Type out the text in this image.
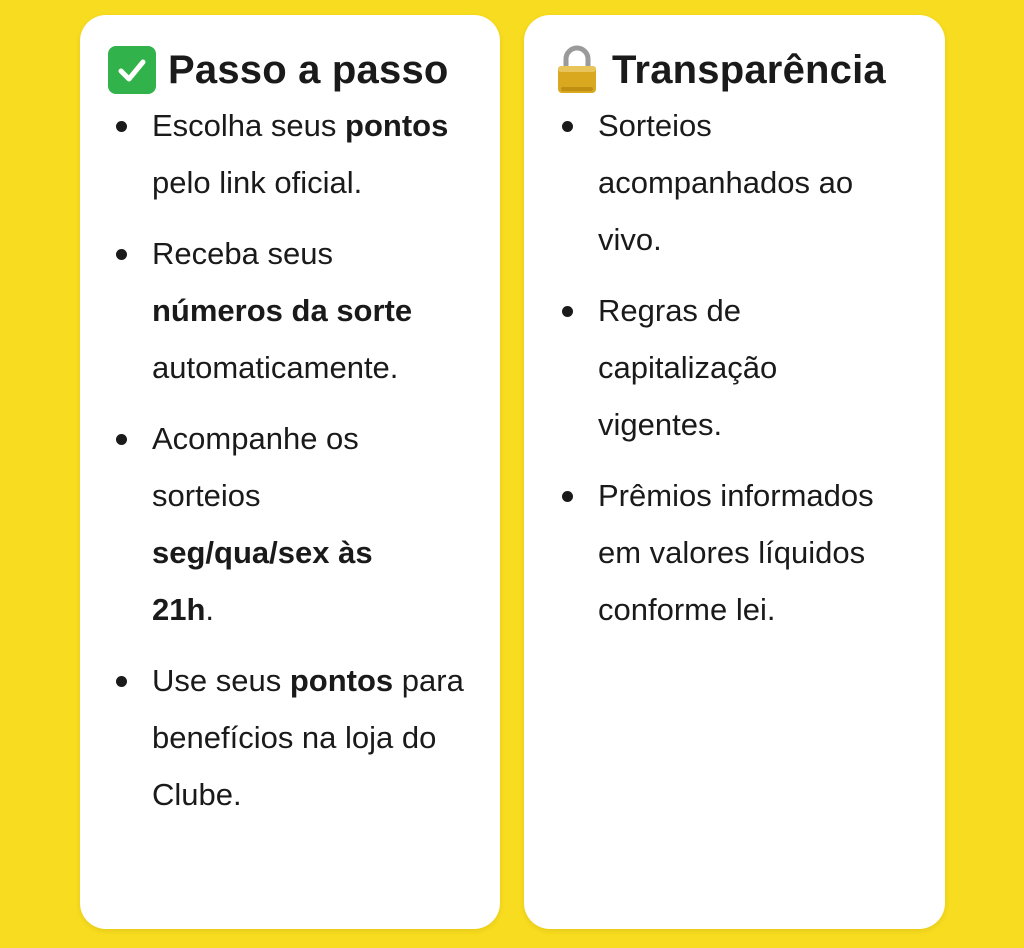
Passo a passo
Escolha seus pontos pelo link oficial.
Receba seus números da sorte automaticamente.
Acompanhe os sorteios seg/qua/sex às 21h.
Use seus pontos para benefícios na loja do Clube.
Transparência
Sorteios acompanhados ao vivo.
Regras de capitalização vigentes.
Prêmios informados em valores líquidos conforme lei.
